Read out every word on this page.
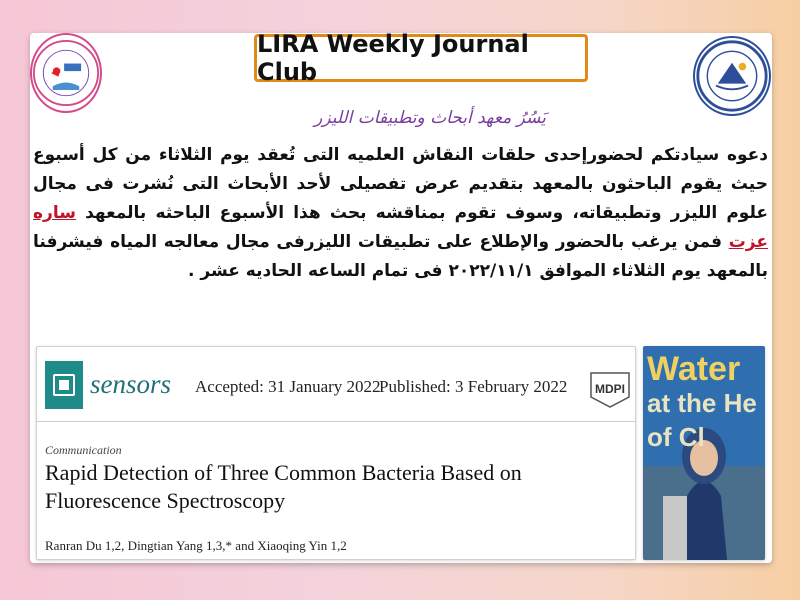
LIRA Weekly Journal Club
يَسُرُ معهد أبحاث وتطبيقات الليزر
دعوه سيادتكم لحضورإحدى حلقات النقاش العلميه التى تُعقد يوم الثلاثاء من كل أسبوع حيث يقوم الباحثون بالمعهد بتقديم عرض تفصيلى لأحد الأبحاث التى نُشرت فى مجال علوم الليزر وتطبيقاته، وسوف تقوم بمناقشه بحث هذا الأسبوع الباحثه بالمعهد ساره عزت فمن يرغب بالحضور والإطلاع على تطبيقات الليزرفى مجال معالجه المياه فيشرفنا بالمعهد يوم الثلاثاء الموافق ٢٠٢٢/١١/١ فى تمام الساعه الحاديه عشر .
sensors Accepted: 31 January 2022
Published: 3 February 2022 MDPI
Communication
Rapid Detection of Three Common Bacteria Based on Fluorescence Spectroscopy
Ranran Du 1,2, Dingtian Yang 1,3,* and Xiaoqing Yin 1,2
Water
at the He
of Cl
